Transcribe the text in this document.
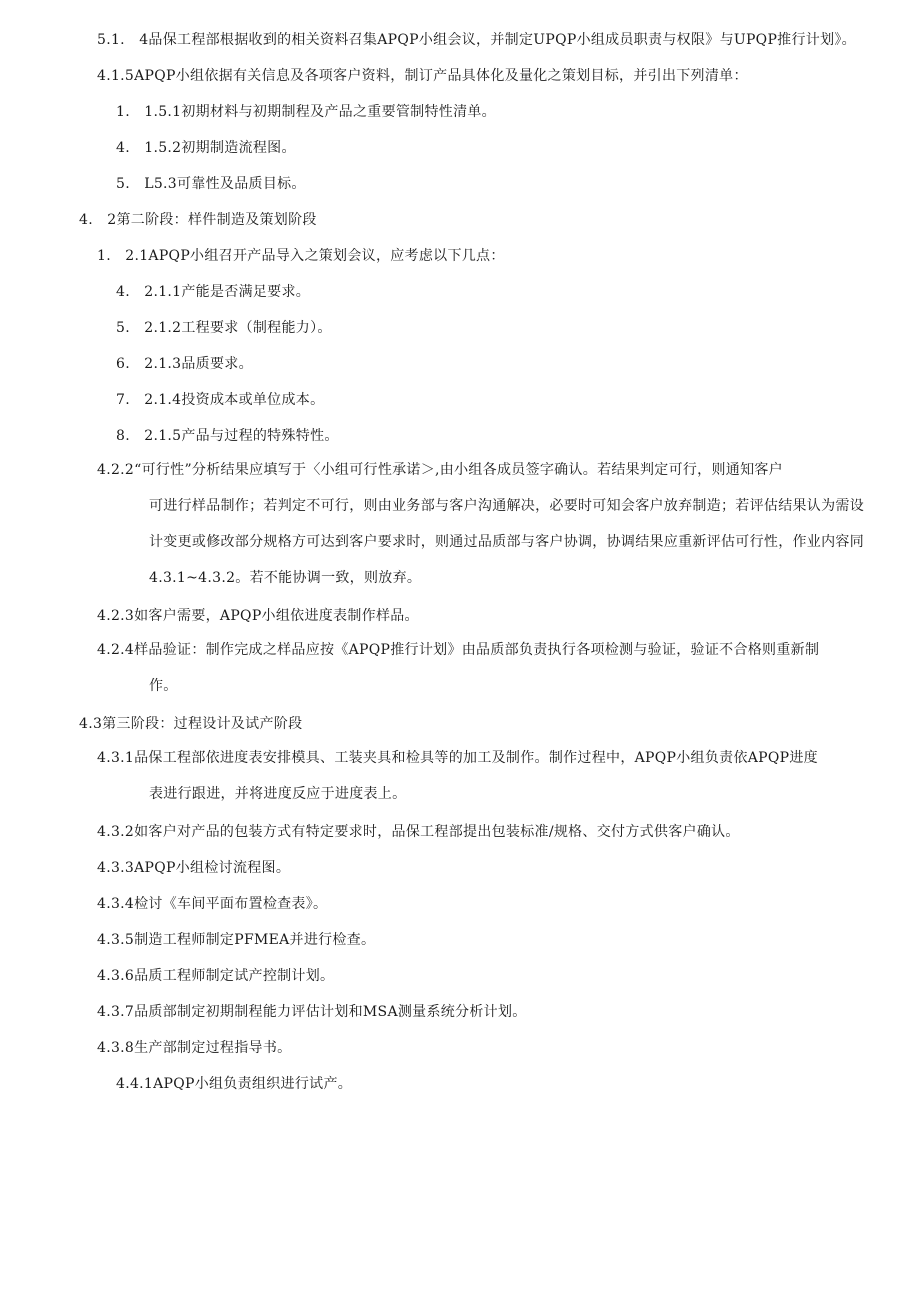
5.1.　4品保工程部根据收到的相关资料召集APQP小组会议，并制定UPQP小组成员职责与权限》与UPQP推行计划》。
4.1.5APQP小组依据有关信息及各项客户资料，制订产品具体化及量化之策划目标，并引出下列清单：
1.　1.5.1初期材料与初期制程及产品之重要管制特性清单。
4.　1.5.2初期制造流程图。
5.　L5.3可靠性及品质目标。
4.　2第二阶段：样件制造及策划阶段
1.　2.1APQP小组召开产品导入之策划会议，应考虑以下几点：
4.　2.1.1产能是否满足要求。
5.　2.1.2工程要求（制程能力）。
6.　2.1.3品质要求。
7.　2.1.4投资成本或单位成本。
8.　2.1.5产品与过程的特殊特性。
4.2.2“可行性”分析结果应填写于〈小组可行性承诺＞,由小组各成员签字确认。若结果判定可行，则通知客户
可进行样品制作；若判定不可行，则由业务部与客户沟通解决，必要时可知会客户放弃制造；若评估结果认为需设计变更或修改部分规格方可达到客户要求时，则通过品质部与客户协调，协调结果应重新评估可行性，作业内容同4.3.1~4.3.2。若不能协调一致，则放弃。
4.2.3如客户需要，APQP小组依进度表制作样品。
4.2.4样品验证：制作完成之样品应按《APQP推行计划》由品质部负责执行各项检测与验证，验证不合格则重新制
作。
4.3第三阶段：过程设计及试产阶段
4.3.1品保工程部依进度表安排模具、工装夹具和检具等的加工及制作。制作过程中，APQP小组负责依APQP进度
表进行跟进，并将进度反应于进度表上。
4.3.2如客户对产品的包装方式有特定要求时，品保工程部提出包装标准/规格、交付方式供客户确认。
4.3.3APQP小组检讨流程图。
4.3.4检讨《车间平面布置检查表》。
4.3.5制造工程师制定PFMEA并进行检查。
4.3.6品质工程师制定试产控制计划。
4.3.7品质部制定初期制程能力评估计划和MSA测量系统分析计划。
4.3.8生产部制定过程指导书。
4.4.1APQP小组负责组织进行试产。
